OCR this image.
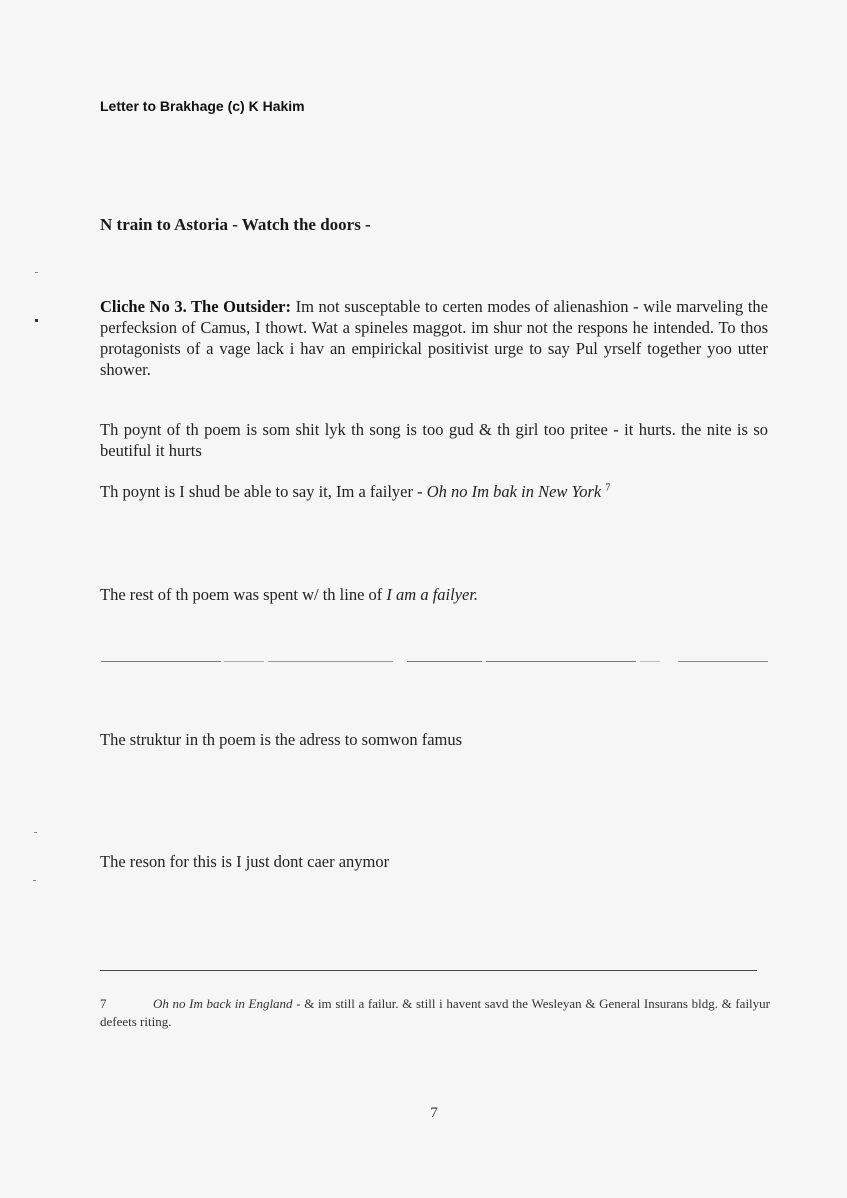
Letter to Brakhage (c) K Hakim
N train to Astoria - Watch the doors -
Cliche No 3. The Outsider: Im not susceptable to certen modes of alienashion - wile marveling the perfecksion of Camus, I thowt. Wat a spineles maggot. im shur not the respons he intended. To thos protagonists of a vage lack i hav an empirickal positivist urge to say Pul yrself together yoo utter shower.
Th poynt of th poem is som shit lyk th song is too gud & th girl too pritee - it hurts. the nite is so beutiful it hurts
Th poynt is I shud be able to say it, Im a failyer - Oh no Im bak in New York $^7$
The rest of th poem was spent w/ th line of I am a failyer.
The struktur in th poem is the adress to somwon famus
The reson for this is I just dont caer anymor
7	Oh no Im back in England - & im still a failur. & still i havent savd the Wesleyan & General Insurans bldg. & failyur defeets riting.
7
